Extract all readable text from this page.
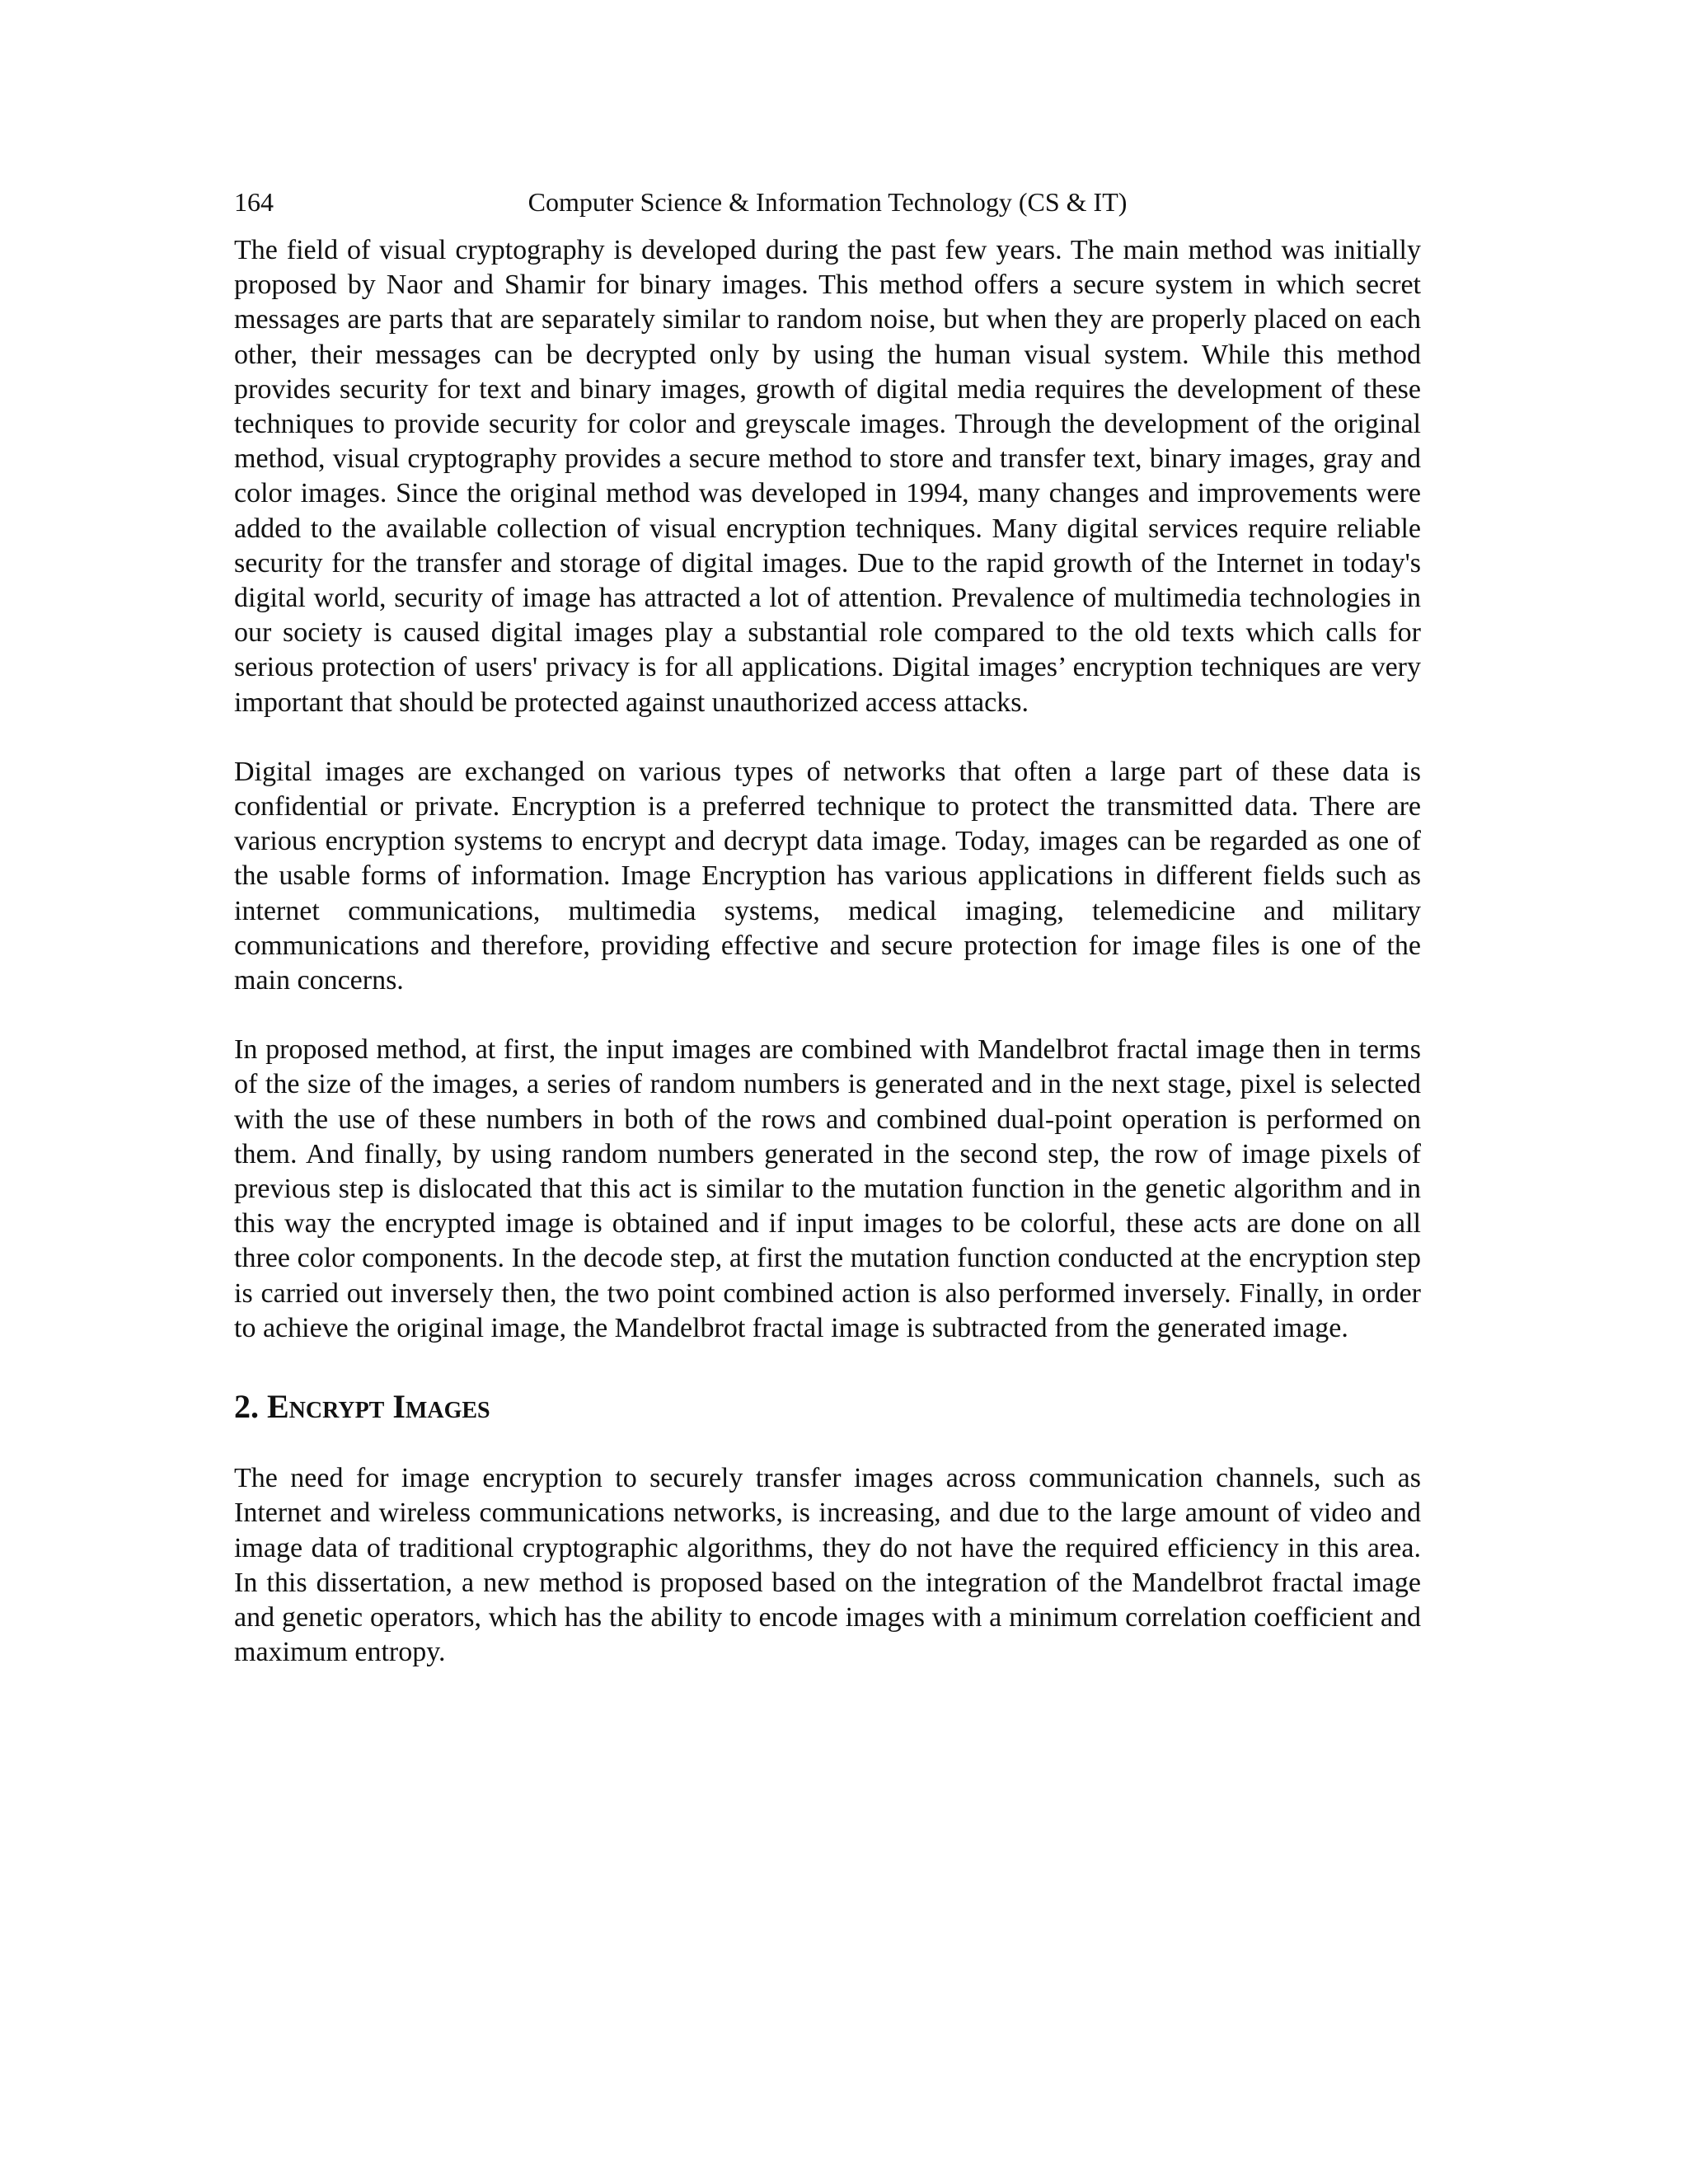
164	Computer Science & Information Technology (CS & IT)

The field of visual cryptography is developed during the past few years. The main method was initially proposed by Naor and Shamir for binary images. This method offers a secure system in which secret messages are parts that are separately similar to random noise, but when they are properly placed on each other, their messages can be decrypted only by using the human visual system. While this method provides security for text and binary images, growth of digital media requires the development of these techniques to provide security for color and greyscale images. Through the development of the original method, visual cryptography provides a secure method to store and transfer text, binary images, gray and color images. Since the original method was developed in 1994, many changes and improvements were added to the available collection of visual encryption techniques. Many digital services require reliable security for the transfer and storage of digital images. Due to the rapid growth of the Internet in today's digital world, security of image has attracted a lot of attention. Prevalence of multimedia technologies in our society is caused digital images play a substantial role compared to the old texts which calls for serious protection of users' privacy is for all applications. Digital images’ encryption techniques are very important that should be protected against unauthorized access attacks.

Digital images are exchanged on various types of networks that often a large part of these data is confidential or private. Encryption is a preferred technique to protect the transmitted data. There are various encryption systems to encrypt and decrypt data image. Today, images can be regarded as one of the usable forms of information. Image Encryption has various applications in different fields such as internet communications, multimedia systems, medical imaging, telemedicine and military communications and therefore, providing effective and secure protection for image files is one of the main concerns.

In proposed method, at first, the input images are combined with Mandelbrot fractal image then in terms of the size of the images, a series of random numbers is generated and in the next stage, pixel is selected with the use of these numbers in both of the rows and combined dual-point operation is performed on them. And finally, by using random numbers generated in the second step, the row of image pixels of previous step is dislocated that this act is similar to the mutation function in the genetic algorithm and in this way the encrypted image is obtained and if input images to be colorful, these acts are done on all three color components. In the decode step, at first the mutation function conducted at the encryption step is carried out inversely then, the two point combined action is also performed inversely. Finally, in order to achieve the original image, the Mandelbrot fractal image is subtracted from the generated image.

2. Encrypt Images

The need for image encryption to securely transfer images across communication channels, such as Internet and wireless communications networks, is increasing, and due to the large amount of video and image data of traditional cryptographic algorithms, they do not have the required efficiency in this area. In this dissertation, a new method is proposed based on the integration of the Mandelbrot fractal image and genetic operators, which has the ability to encode images with a minimum correlation coefficient and maximum entropy.
